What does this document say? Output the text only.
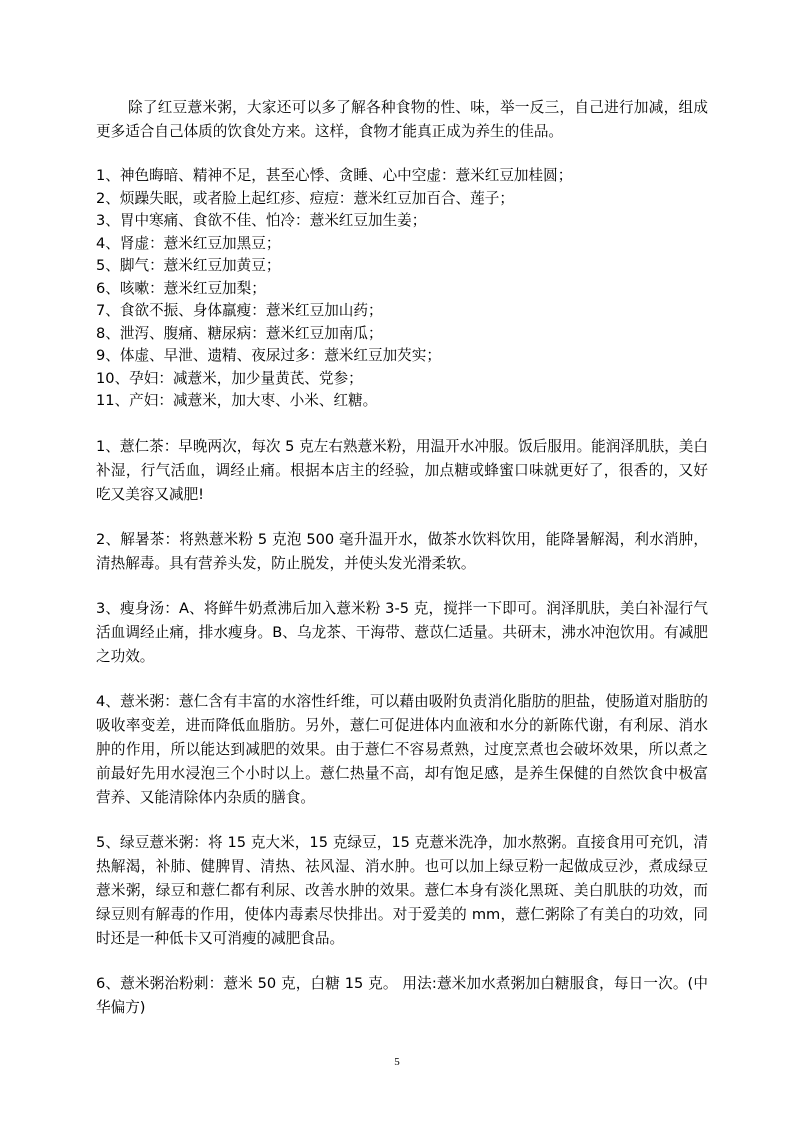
除了红豆薏米粥，大家还可以多了解各种食物的性、味，举一反三，自己进行加减，组成更多适合自己体质的饮食处方来。这样，食物才能真正成为养生的佳品。

1、神色晦暗、精神不足，甚至心悸、贪睡、心中空虚：薏米红豆加桂圆；
2、烦躁失眠，或者脸上起红疹、痘痘：薏米红豆加百合、莲子；
3、胃中寒痛、食欲不佳、怕冷：薏米红豆加生姜；
4、肾虚：薏米红豆加黑豆；
5、脚气：薏米红豆加黄豆；
6、咳嗽：薏米红豆加梨；
7、食欲不振、身体羸瘦：薏米红豆加山药；
8、泄泻、腹痛、糖尿病：薏米红豆加南瓜；
9、体虚、早泄、遗精、夜尿过多：薏米红豆加芡实；
10、孕妇：减薏米，加少量黄芪、党参；
11、产妇：减薏米，加大枣、小米、红糖。

1、薏仁茶：早晚两次，每次 5 克左右熟薏米粉，用温开水冲服。饭后服用。能润泽肌肤，美白补湿，行气活血，调经止痛。根据本店主的经验，加点糖或蜂蜜口味就更好了，很香的，又好吃又美容又减肥!

2、解暑茶：将熟薏米粉 5 克泡 500 毫升温开水，做茶水饮料饮用，能降暑解渴，利水消肿，清热解毒。具有营养头发，防止脱发，并使头发光滑柔软。

3、瘦身汤：A、将鲜牛奶煮沸后加入薏米粉 3-5 克，搅拌一下即可。润泽肌肤，美白补湿行气活血调经止痛，排水瘦身。B、乌龙茶、干海带、薏苡仁适量。共研末，沸水冲泡饮用。有减肥之功效。

4、薏米粥：薏仁含有丰富的水溶性纤维，可以藉由吸附负责消化脂肪的胆盐，使肠道对脂肪的吸收率变差，进而降低血脂肪。另外，薏仁可促进体内血液和水分的新陈代谢，有利尿、消水肿的作用，所以能达到减肥的效果。由于薏仁不容易煮熟，过度烹煮也会破坏效果，所以煮之前最好先用水浸泡三个小时以上。薏仁热量不高，却有饱足感，是养生保健的自然饮食中极富营养、又能清除体内杂质的膳食。

5、绿豆薏米粥：将 15 克大米，15 克绿豆，15 克薏米洗净，加水熬粥。直接食用可充饥，清热解渴，补肺、健脾胃、清热、祛风湿、消水肿。也可以加上绿豆粉一起做成豆沙，煮成绿豆薏米粥，绿豆和薏仁都有利尿、改善水肿的效果。薏仁本身有淡化黑斑、美白肌肤的功效，而绿豆则有解毒的作用，使体内毒素尽快排出。对于爱美的 mm，薏仁粥除了有美白的功效，同时还是一种低卡又可消瘦的减肥食品。

6、薏米粥治粉刺：薏米 50 克，白糖 15 克。 用法:薏米加水煮粥加白糖服食，每日一次。(中华偏方)

5
